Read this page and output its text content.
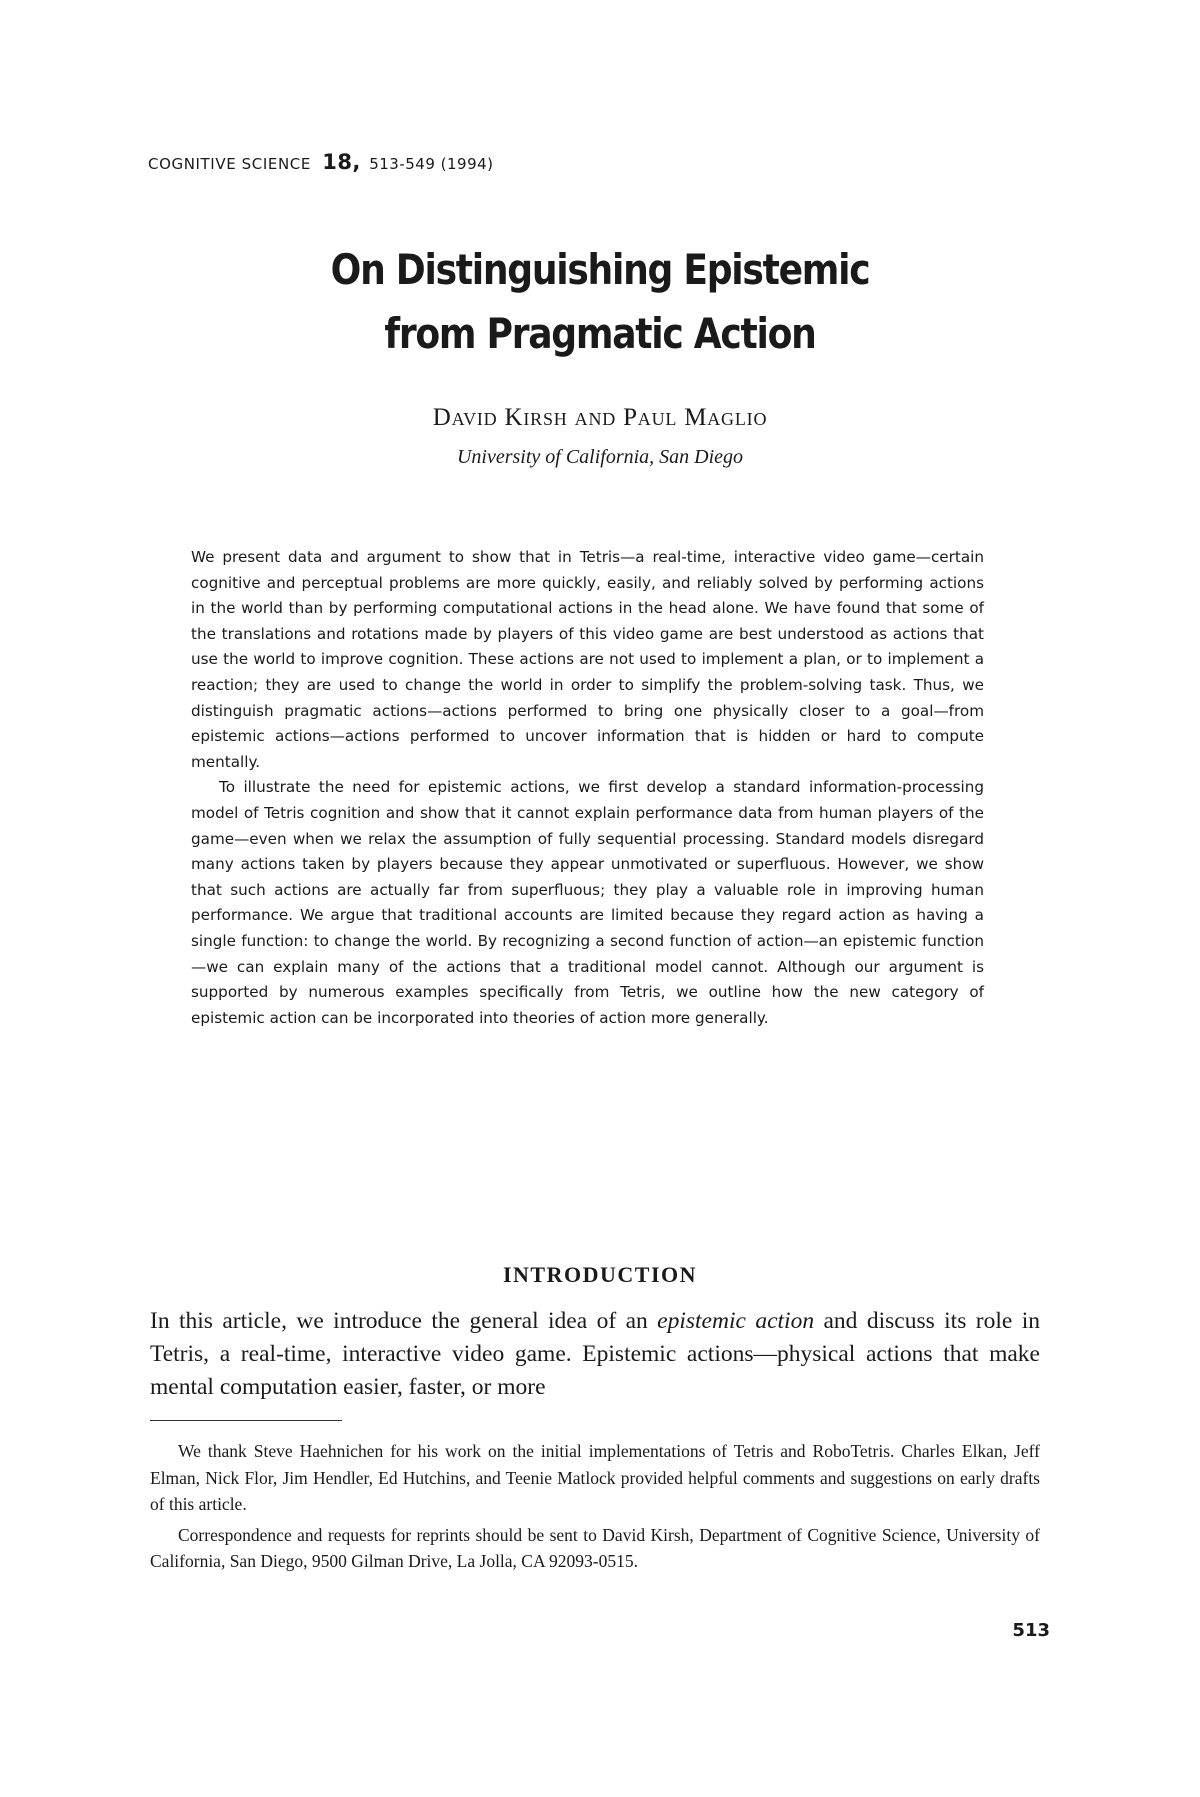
COGNITIVE SCIENCE 18, 513-549 (1994)
On Distinguishing Epistemic
from Pragmatic Action
David Kirsh and Paul Maglio
University of California, San Diego

We present data and argument to show that in Tetris—a real-time, interactive video game—certain cognitive and perceptual problems are more quickly, easily, and reliably solved by performing actions in the world than by performing computational actions in the head alone. We have found that some of the translations and rotations made by players of this video game are best understood as actions that use the world to improve cognition. These actions are not used to implement a plan, or to implement a reaction; they are used to change the world in order to simplify the problem-solving task. Thus, we distinguish pragmatic actions—actions performed to bring one physically closer to a goal—from epistemic actions—actions performed to uncover information that is hidden or hard to compute mentally.

To illustrate the need for epistemic actions, we first develop a standard information-processing model of Tetris cognition and show that it cannot explain performance data from human players of the game—even when we relax the assumption of fully sequential processing. Standard models disregard many actions taken by players because they appear unmotivated or superfluous. However, we show that such actions are actually far from superfluous; they play a valuable role in improving human performance. We argue that traditional accounts are limited because they regard action as having a single function: to change the world. By recognizing a second function of action—an epistemic function—we can explain many of the actions that a traditional model cannot. Although our argument is supported by numerous examples specifically from Tetris, we outline how the new category of epistemic action can be incorporated into theories of action more generally.

INTRODUCTION

In this article, we introduce the general idea of an epistemic action and discuss its role in Tetris, a real-time, interactive video game. Epistemic actions—physical actions that make mental computation easier, faster, or more

We thank Steve Haehnichen for his work on the initial implementations of Tetris and RoboTetris. Charles Elkan, Jeff Elman, Nick Flor, Jim Hendler, Ed Hutchins, and Teenie Matlock provided helpful comments and suggestions on early drafts of this article.

Correspondence and requests for reprints should be sent to David Kirsh, Department of Cognitive Science, University of California, San Diego, 9500 Gilman Drive, La Jolla, CA 92093-0515.

513
